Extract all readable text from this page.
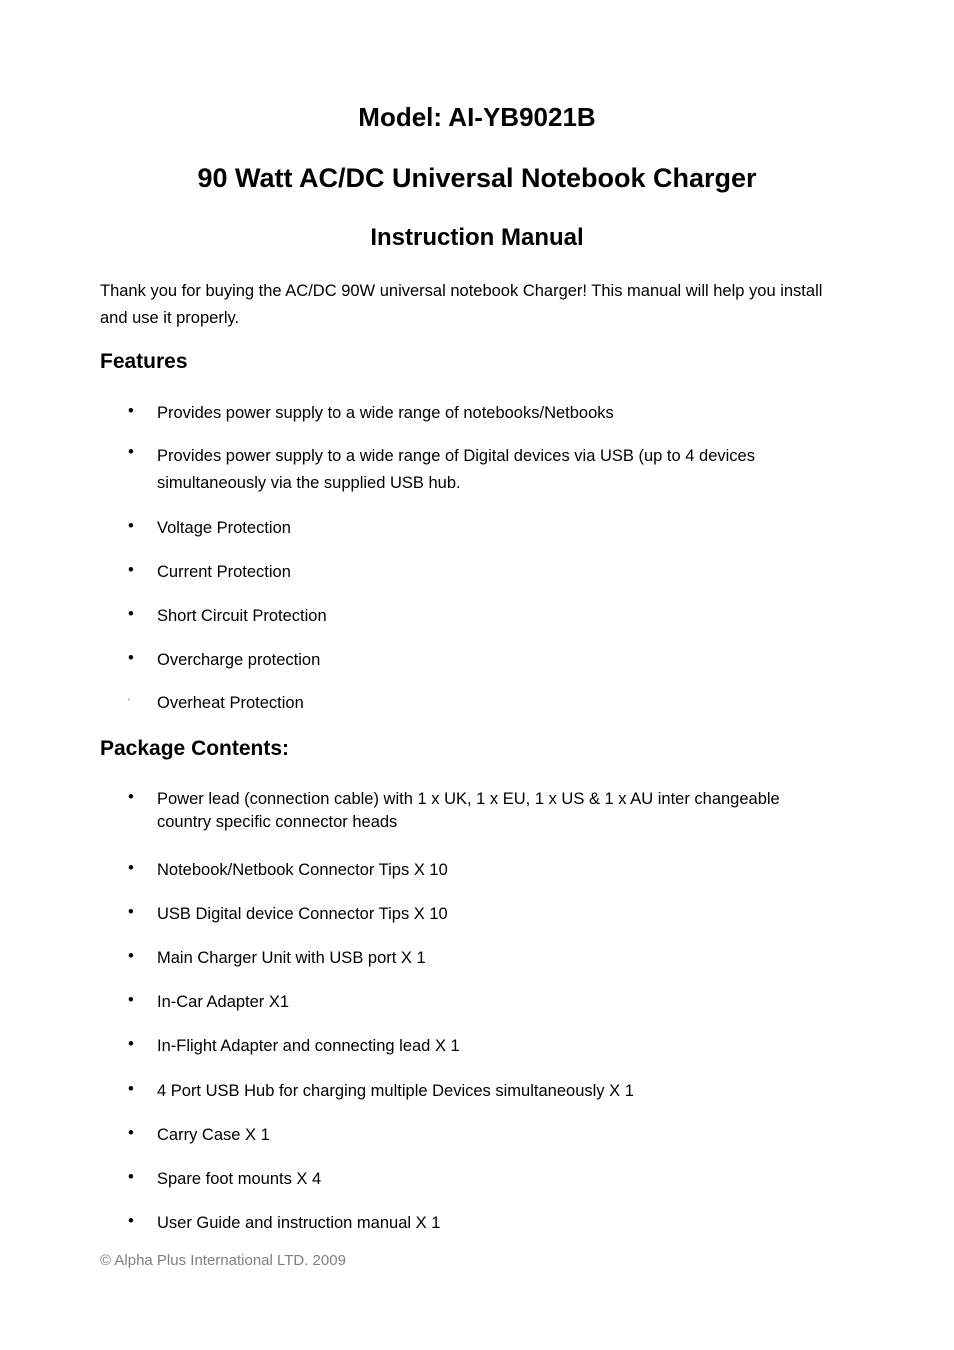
Model: AI-YB9021B
90 Watt AC/DC Universal Notebook Charger
Instruction Manual

Thank you for buying the AC/DC 90W universal notebook Charger! This manual will help you install and use it properly.

Features
•	Provides power supply to a wide range of notebooks/Netbooks
•	Provides power supply to a wide range of Digital devices via USB (up to 4 devices simultaneously via the supplied USB hub.
•	Voltage Protection
•	Current Protection
•	Short Circuit Protection
•	Overcharge protection
•	Overheat Protection
Package Contents:
•	Power lead (connection cable) with 1 x UK, 1 x EU, 1 x US & 1 x AU inter changeable country specific connector heads
•	Notebook/Netbook Connector Tips X 10
•	USB Digital device Connector Tips X 10
•	Main Charger Unit with USB port X 1
•	In-Car Adapter X1
•	In-Flight Adapter and connecting lead X 1
•	4 Port USB Hub for charging multiple Devices simultaneously X 1
•	Carry Case X 1
•	Spare foot mounts X 4
•	User Guide and instruction manual X 1

© Alpha Plus International LTD. 2009
